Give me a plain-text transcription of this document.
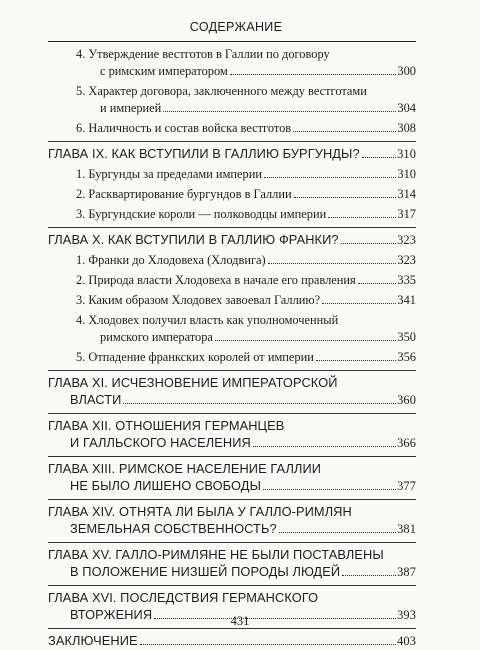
СОДЕРЖАНИЕ
4. Утверждение вестготов в Галлии по договору
с римским императором	300
5. Характер договора, заключенного между вестготами
и империей	304
6. Наличность и состав войска вестготов	308
ГЛАВА IX. КАК ВСТУПИЛИ В ГАЛЛИЮ БУРГУНДЫ?	310
1. Бургунды за пределами империи	310
2. Расквартирование бургундов в Галлии	314
3. Бургундские короли — полководцы империи	317
ГЛАВА X. КАК ВСТУПИЛИ В ГАЛЛИЮ ФРАНКИ?	323
1. Франки до Хлодовеха (Хлодвига)	323
2. Природа власти Хлодовеха в начале его правления	335
3. Каким образом Хлодовех завоевал Галлию?	341
4. Хлодовех получил власть как уполномоченный
римского императора	350
5. Отпадение франкских королей от империи	356
ГЛАВА XI. ИСЧЕЗНОВЕНИЕ ИМПЕРАТОРСКОЙ
ВЛАСТИ	360
ГЛАВА XII. ОТНОШЕНИЯ ГЕРМАНЦЕВ
И ГАЛЛЬСКОГО НАСЕЛЕНИЯ	366
ГЛАВА XIII. РИМСКОЕ НАСЕЛЕНИЕ ГАЛЛИИ
НЕ БЫЛО ЛИШЕНО СВОБОДЫ	377
ГЛАВА XIV. ОТНЯТА ЛИ БЫЛА У ГАЛЛО-РИМЛЯН
ЗЕМЕЛЬНАЯ СОБСТВЕННОСТЬ?	381
ГЛАВА XV. ГАЛЛО-РИМЛЯНЕ НЕ БЫЛИ ПОСТАВЛЕНЫ
В ПОЛОЖЕНИЕ НИЗШЕЙ ПОРОДЫ ЛЮДЕЙ	387
ГЛАВА XVI. ПОСЛЕДСТВИЯ ГЕРМАНСКОГО
ВТОРЖЕНИЯ	393
ЗАКЛЮЧЕНИЕ	403
431
